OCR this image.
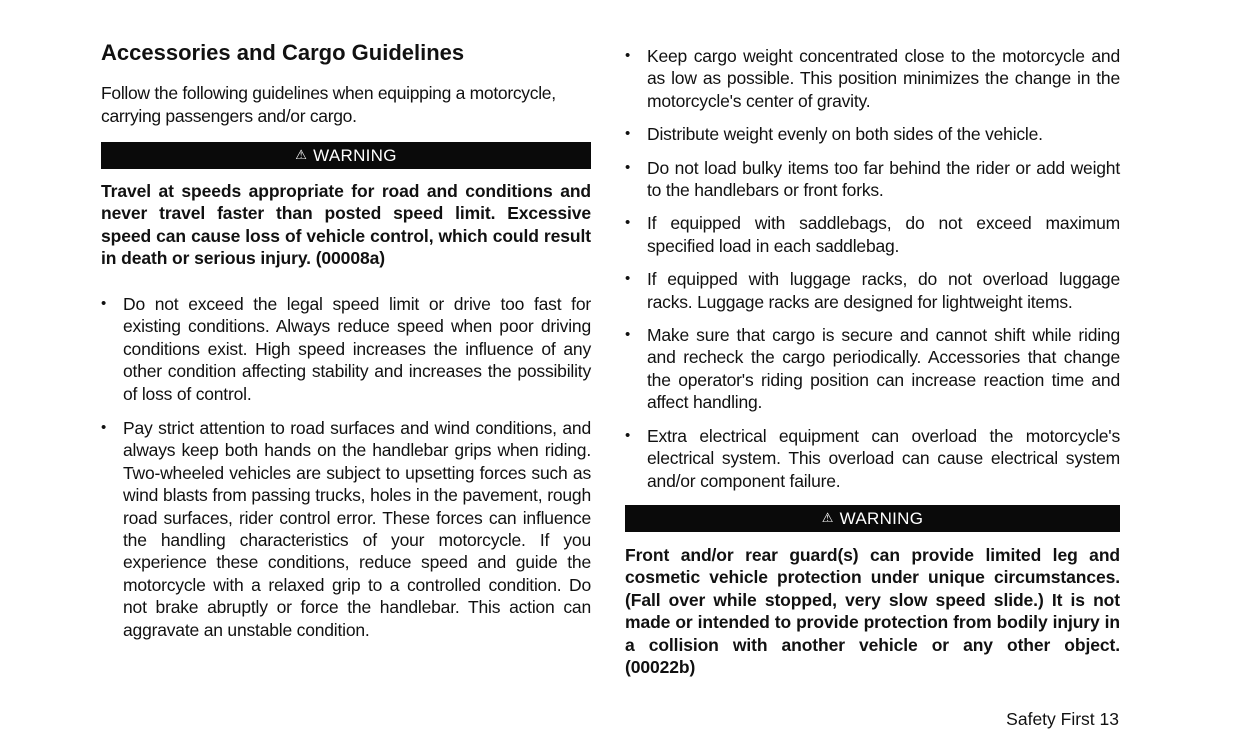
Accessories and Cargo Guidelines

Follow the following guidelines when equipping a motorcycle, carrying passengers and/or cargo.

⚠ WARNING

Travel at speeds appropriate for road and conditions and never travel faster than posted speed limit. Excessive speed can cause loss of vehicle control, which could result in death or serious injury. (00008a)

• Do not exceed the legal speed limit or drive too fast for existing conditions. Always reduce speed when poor driving conditions exist. High speed increases the influence of any other condition affecting stability and increases the possibility of loss of control.
• Pay strict attention to road surfaces and wind conditions, and always keep both hands on the handlebar grips when riding. Two-wheeled vehicles are subject to upsetting forces such as wind blasts from passing trucks, holes in the pavement, rough road surfaces, rider control error. These forces can influence the handling characteristics of your motorcycle. If you experience these conditions, reduce speed and guide the motorcycle with a relaxed grip to a controlled condition. Do not brake abruptly or force the handlebar. This action can aggravate an unstable condition.
• Keep cargo weight concentrated close to the motorcycle and as low as possible. This position minimizes the change in the motorcycle's center of gravity.
• Distribute weight evenly on both sides of the vehicle.
• Do not load bulky items too far behind the rider or add weight to the handlebars or front forks.
• If equipped with saddlebags, do not exceed maximum specified load in each saddlebag.
• If equipped with luggage racks, do not overload luggage racks. Luggage racks are designed for lightweight items.
• Make sure that cargo is secure and cannot shift while riding and recheck the cargo periodically. Accessories that change the operator's riding position can increase reaction time and affect handling.
• Extra electrical equipment can overload the motorcycle's electrical system. This overload can cause electrical system and/or component failure.
⚠ WARNING

Front and/or rear guard(s) can provide limited leg and cosmetic vehicle protection under unique circumstances. (Fall over while stopped, very slow speed slide.) It is not made or intended to provide protection from bodily injury in a collision with another vehicle or any other object. (00022b)

Safety First 13
